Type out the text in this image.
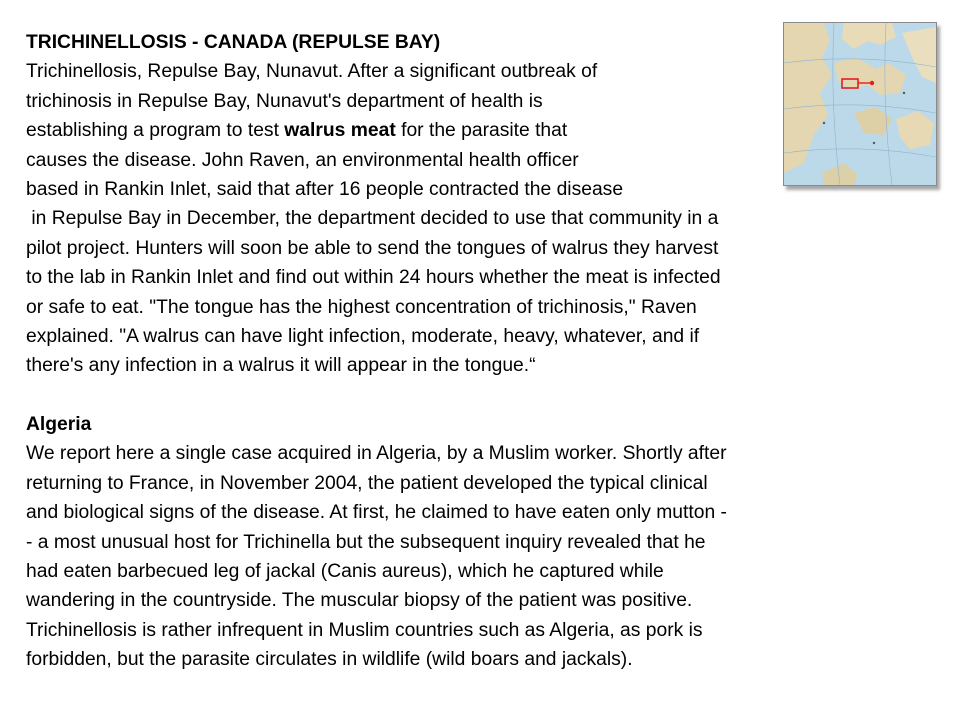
TRICHINELLOSIS - CANADA (REPULSE BAY)
Trichinellosis, Repulse Bay, Nunavut. After a significant outbreak of
trichinosis in Repulse Bay, Nunavut's department of health is
establishing a program to test walrus meat for the parasite that
causes the disease. John Raven, an environmental health officer
based in Rankin Inlet, said that after 16 people contracted the disease
in Repulse Bay in December, the department decided to use that community in a
pilot project. Hunters will soon be able to send the tongues of walrus they harvest
to the lab in Rankin Inlet and find out within 24 hours whether the meat is infected
or safe to eat. "The tongue has the highest concentration of trichinosis," Raven
explained. "A walrus can have light infection, moderate, heavy, whatever, and if
there's any infection in a walrus it will appear in the tongue.“
Algeria
We report here a single case acquired in Algeria, by a Muslim worker. Shortly after
returning to France, in November 2004, the patient developed the typical clinical
and biological signs of the disease. At first, he claimed to have eaten only mutton -
- a most unusual host for Trichinella but the subsequent inquiry revealed that he
had eaten barbecued leg of jackal (Canis aureus), which he captured while
wandering in the countryside. The muscular biopsy of the patient was positive.
Trichinellosis is rather infrequent in Muslim countries such as Algeria, as pork is
forbidden, but the parasite circulates in wildlife (wild boars and jackals).
